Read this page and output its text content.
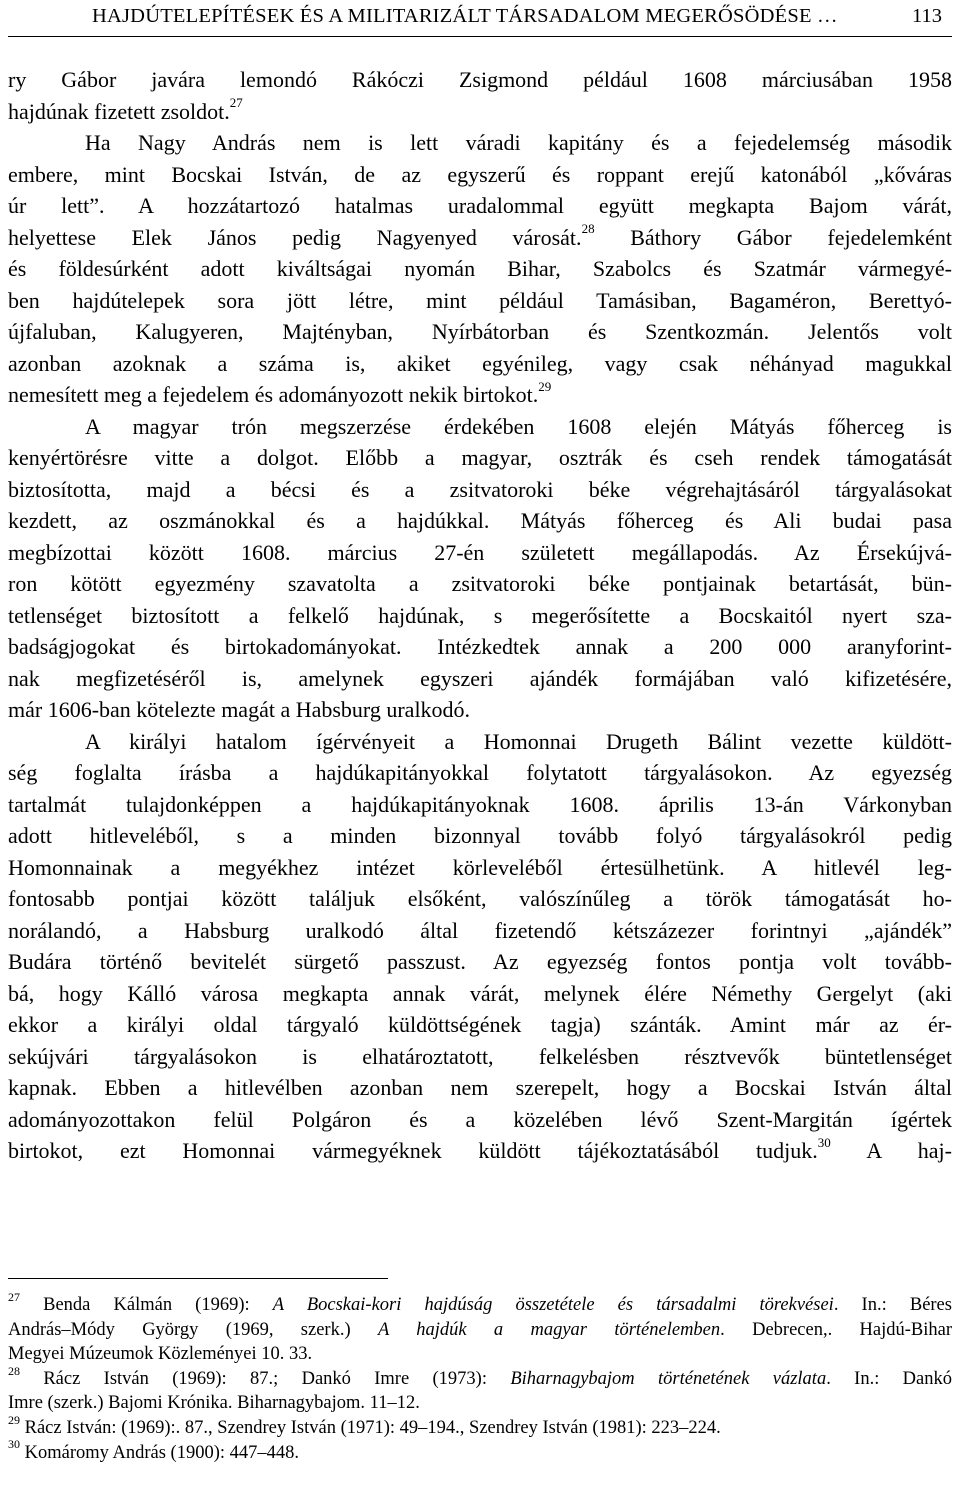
HAJDÚTELEPÍTÉSEK ÉS A MILITARIZÁLT TÁRSADALOM MEGERŐSÖDÉSE …	113
ry Gábor javára lemondó Rákóczi Zsigmond például 1608 márciusában 1958
hajdúnak fizetett zsoldot.$^{27}$
Ha Nagy András nem is lett váradi kapitány és a fejedelemség második
embere, mint Bocskai István, de az egyszerű és roppant erejű katonából „kőváras
úr lett”. A hozzátartozó hatalmas uradalommal együtt megkapta Bajom várát,
helyettese Elek János pedig Nagyenyed városát.$^{28}$ Báthory Gábor fejedelemként
és földesúrként adott kiváltságai nyomán Bihar, Szabolcs és Szatmár vármegyé-
ben hajdútelepek sora jött létre, mint például Tamásiban, Bagaméron, Berettyó-
újfaluban, Kalugyeren, Majtényban, Nyírbátorban és Szentkozmán. Jelentős volt
azonban azoknak a száma is, akiket egyénileg, vagy csak néhányad magukkal
nemesített meg a fejedelem és adományozott nekik birtokot.$^{29}$
A magyar trón megszerzése érdekében 1608 elején Mátyás főherceg is
kenyértörésre vitte a dolgot. Előbb a magyar, osztrák és cseh rendek támogatását
biztosította, majd a bécsi és a zsitvatoroki béke végrehajtásáról tárgyalásokat
kezdett, az oszmánokkal és a hajdúkkal. Mátyás főherceg és Ali budai pasa
megbízottai között 1608. március 27-én született megállapodás. Az Érsekújvá-
ron kötött egyezmény szavatolta a zsitvatoroki béke pontjainak betartását, bün-
tetlenséget biztosított a felkelő hajdúnak, s megerősítette a Bocskaitól nyert sza-
badságjogokat és birtokadományokat. Intézkedtek annak a 200 000 aranyforint-
nak megfizetéséről is, amelynek egyszeri ajándék formájában való kifizetésére,
már 1606-ban kötelezte magát a Habsburg uralkodó.
A királyi hatalom ígérvényeit a Homonnai Drugeth Bálint vezette küldött-
ség foglalta írásba a hajdúkapitányokkal folytatott tárgyalásokon. Az egyezség
tartalmát tulajdonképpen a hajdúkapitányoknak 1608. április 13-án Várkonyban
adott hitleveléből, s a minden bizonnyal tovább folyó tárgyalásokról pedig
Homonnainak a megyékhez intézet körleveléből értesülhetünk. A hitlevél leg-
fontosabb pontjai között találjuk elsőként, valószínűleg a török támogatását ho-
norálandó, a Habsburg uralkodó által fizetendő kétszázezer forintnyi „ajándék”
Budára történő bevitelét sürgető passzust. Az egyezség fontos pontja volt tovább-
bá, hogy Kálló városa megkapta annak várát, melynek élére Némethy Gergelyt (aki
ekkor a királyi oldal tárgyaló küldöttségének tagja) szánták. Amint már az ér-
sekújvári tárgyalásokon is elhatároztatott, felkelésben résztvevők büntetlenséget
kapnak. Ebben a hitlevélben azonban nem szerepelt, hogy a Bocskai István által
adományozottakon felül Polgáron és a közelében lévő Szent-Margitán ígértek
birtokot, ezt Homonnai vármegyéknek küldött tájékoztatásából tudjuk.$^{30}$ A haj-
$^{27}$ Benda Kálmán (1969): A Bocskai-kori hajdúság összetétele és társadalmi törekvései. In.: Béres
András–Módy György (1969, szerk.) A hajdúk a magyar történelemben. Debrecen,. Hajdú-Bihar
Megyei Múzeumok Közleményei 10. 33.
$^{28}$ Rácz István (1969): 87.; Dankó Imre (1973): Biharnagybajom történetének vázlata. In.: Dankó
Imre (szerk.) Bajomi Krónika. Biharnagybajom. 11–12.
$^{29}$ Rácz István: (1969):. 87., Szendrey István (1971): 49–194., Szendrey István (1981): 223–224.
$^{30}$ Komáromy András (1900): 447–448.
